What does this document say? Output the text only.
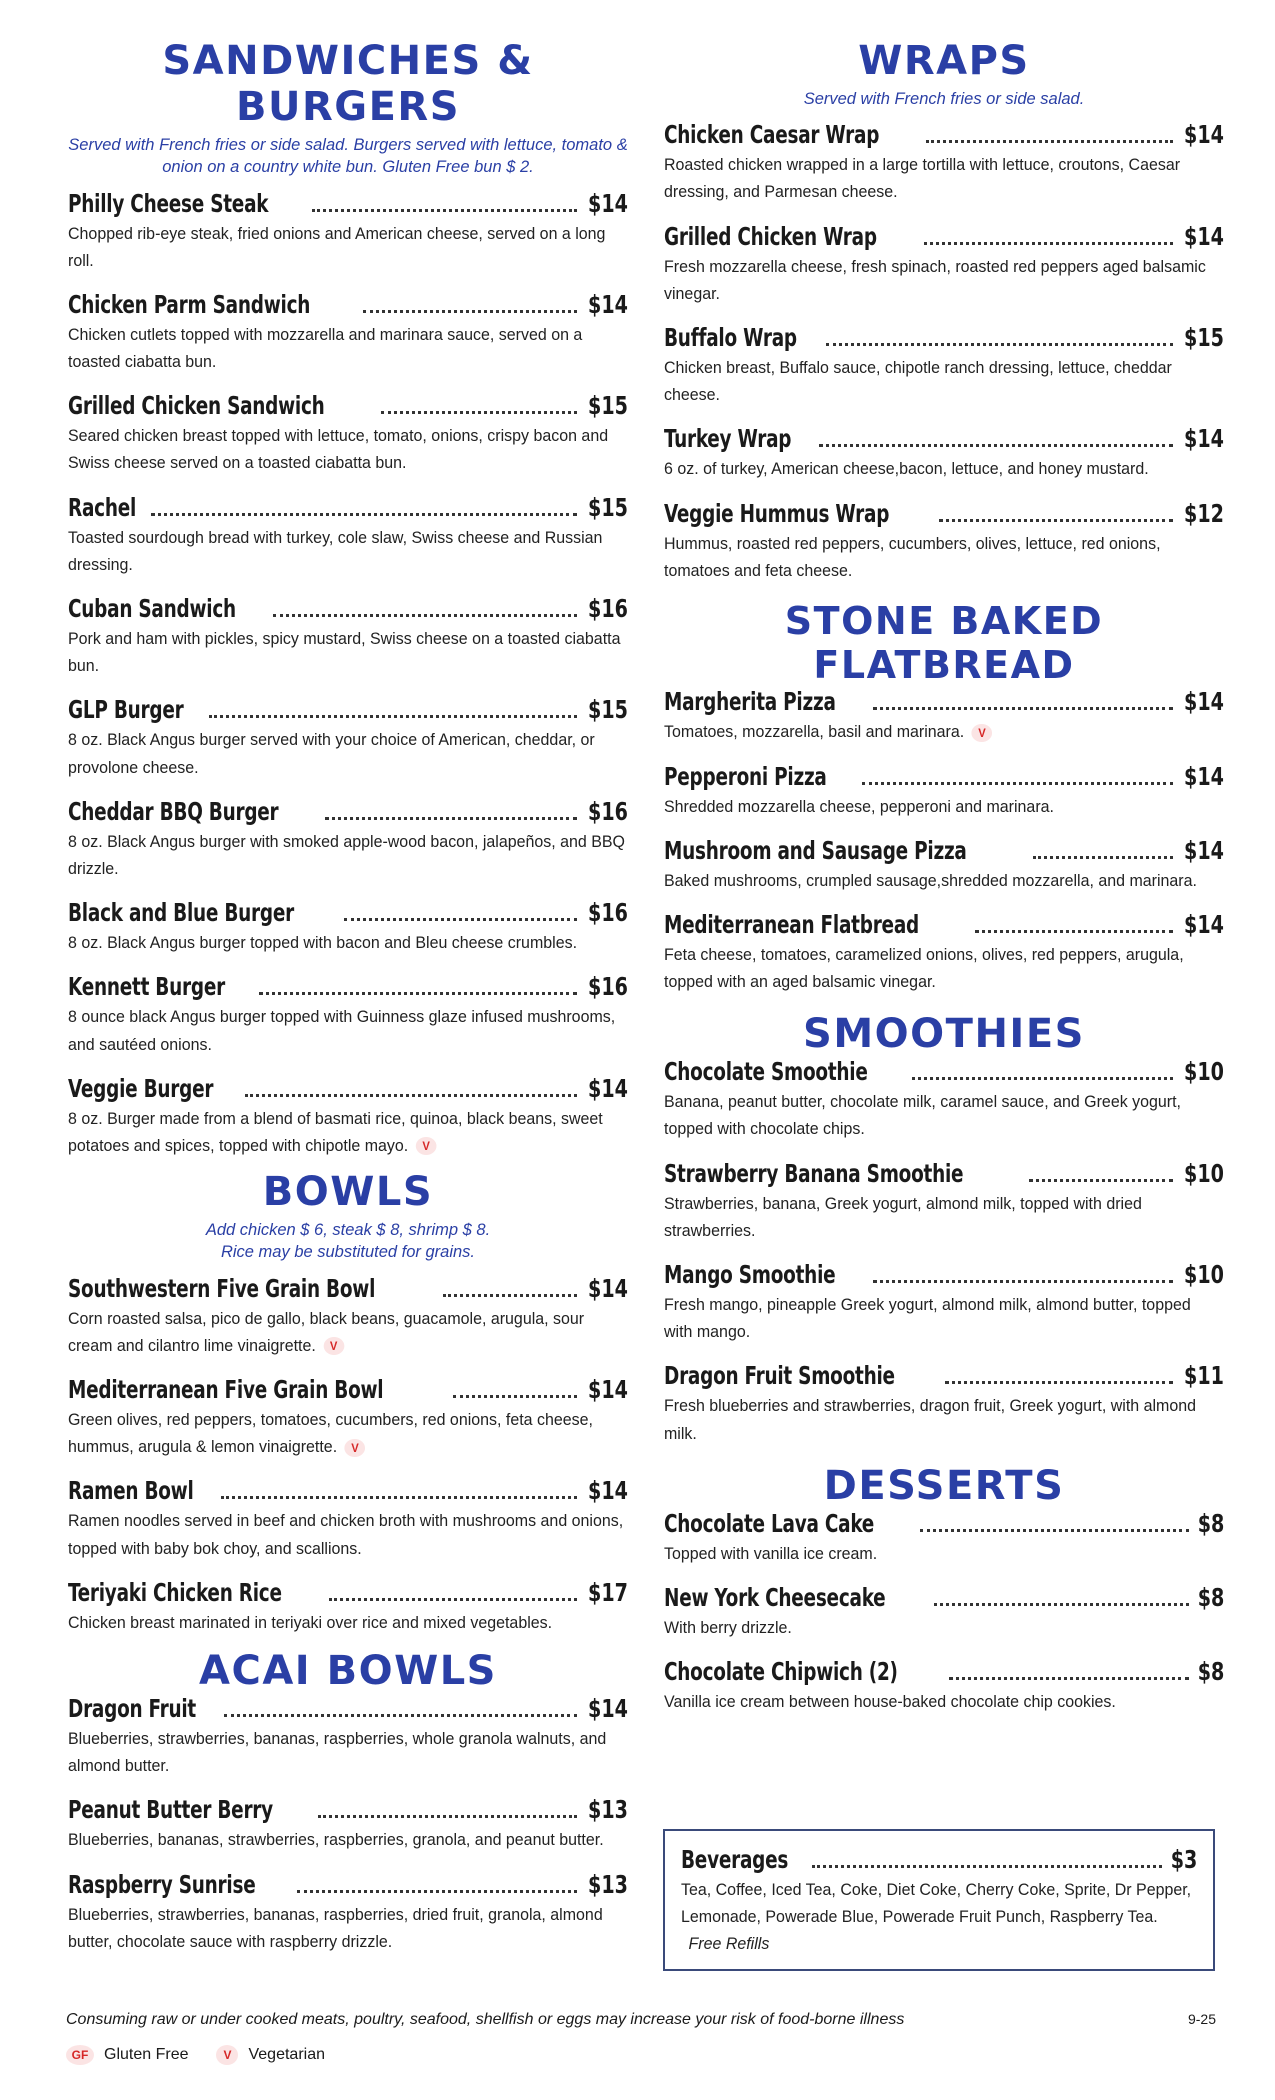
SANDWICHES & BURGERS
Served with French fries or side salad. Burgers served with lettuce, tomato & onion on a country white bun. Gluten Free bun $ 2.
Philly Cheese Steak	$14
Chopped rib-eye steak, fried onions and American cheese, served on a long roll.
Chicken Parm Sandwich	$14
Chicken cutlets topped with mozzarella and marinara sauce, served on a toasted ciabatta bun.
Grilled Chicken Sandwich	$15
Seared chicken breast topped with lettuce, tomato, onions, crispy bacon and Swiss cheese served on a toasted ciabatta bun.
Rachel	$15
Toasted sourdough bread with turkey, cole slaw, Swiss cheese and Russian dressing.
Cuban Sandwich	$16
Pork and ham with pickles, spicy mustard, Swiss cheese on a toasted ciabatta bun.
GLP Burger	$15
8 oz. Black Angus burger served with your choice of American, cheddar, or provolone cheese.
Cheddar BBQ Burger	$16
8 oz. Black Angus burger with smoked apple-wood bacon, jalapeños, and BBQ drizzle.
Black and Blue Burger	$16
8 oz. Black Angus burger topped with bacon and Bleu cheese crumbles.
Kennett Burger	$16
8 ounce black Angus burger topped with Guinness glaze infused mushrooms, and sautéed onions.
Veggie Burger	$14
8 oz. Burger made from a blend of basmati rice, quinoa, black beans, sweet potatoes and spices, topped with chipotle mayo. V
BOWLS
Add chicken $ 6, steak $ 8, shrimp $ 8. Rice may be substituted for grains.
Southwestern Five Grain Bowl	$14
Corn roasted salsa, pico de gallo, black beans, guacamole, arugula, sour cream and cilantro lime vinaigrette. V
Mediterranean Five Grain Bowl	$14
Green olives, red peppers, tomatoes, cucumbers, red onions, feta cheese, hummus, arugula & lemon vinaigrette. V
Ramen Bowl	$14
Ramen noodles served in beef and chicken broth with mushrooms and onions, topped with baby bok choy, and scallions.
Teriyaki Chicken Rice	$17
Chicken breast marinated in teriyaki over rice and mixed vegetables.
ACAI BOWLS
Dragon Fruit	$14
Blueberries, strawberries, bananas, raspberries, whole granola walnuts, and almond butter.
Peanut Butter Berry	$13
Blueberries, bananas, strawberries, raspberries, granola, and peanut butter.
Raspberry Sunrise	$13
Blueberries, strawberries, bananas, raspberries, dried fruit, granola, almond butter, chocolate sauce with raspberry drizzle.
WRAPS
Served with French fries or side salad.
Chicken Caesar Wrap	$14
Roasted chicken wrapped in a large tortilla with lettuce, croutons, Caesar dressing, and Parmesan cheese.
Grilled Chicken Wrap	$14
Fresh mozzarella cheese, fresh spinach, roasted red peppers aged balsamic vinegar.
Buffalo Wrap	$15
Chicken breast, Buffalo sauce, chipotle ranch dressing, lettuce, cheddar cheese.
Turkey Wrap	$14
6 oz. of turkey, American cheese,bacon, lettuce, and honey mustard.
Veggie Hummus Wrap	$12
Hummus, roasted red peppers, cucumbers, olives, lettuce, red onions, tomatoes and feta cheese.
STONE BAKED FLATBREAD
Margherita Pizza	$14
Tomatoes, mozzarella, basil and marinara. V
Pepperoni Pizza	$14
Shredded mozzarella cheese, pepperoni and marinara.
Mushroom and Sausage Pizza	$14
Baked mushrooms, crumpled sausage,shredded mozzarella, and marinara.
Mediterranean Flatbread	$14
Feta cheese, tomatoes, caramelized onions, olives, red peppers, arugula, topped with an aged balsamic vinegar.
SMOOTHIES
Chocolate Smoothie	$10
Banana, peanut butter, chocolate milk, caramel sauce, and Greek yogurt, topped with chocolate chips.
Strawberry Banana Smoothie	$10
Strawberries, banana, Greek yogurt, almond milk, topped with dried strawberries.
Mango Smoothie	$10
Fresh mango, pineapple Greek yogurt, almond milk, almond butter, topped with mango.
Dragon Fruit Smoothie	$11
Fresh blueberries and strawberries, dragon fruit, Greek yogurt, with almond milk.
DESSERTS
Chocolate Lava Cake	$8
Topped with vanilla ice cream.
New York Cheesecake	$8
With berry drizzle.
Chocolate Chipwich (2)	$8
Vanilla ice cream between house-baked chocolate chip cookies.
Beverages	$3
Tea, Coffee, Iced Tea, Coke, Diet Coke, Cherry Coke, Sprite, Dr Pepper, Lemonade, Powerade Blue, Powerade Fruit Punch, Raspberry Tea. Free Refills
Consuming raw or under cooked meats, poultry, seafood, shellfish or eggs may increase your risk of food-borne illness	9-25
GF Gluten Free	V	Vegetarian
